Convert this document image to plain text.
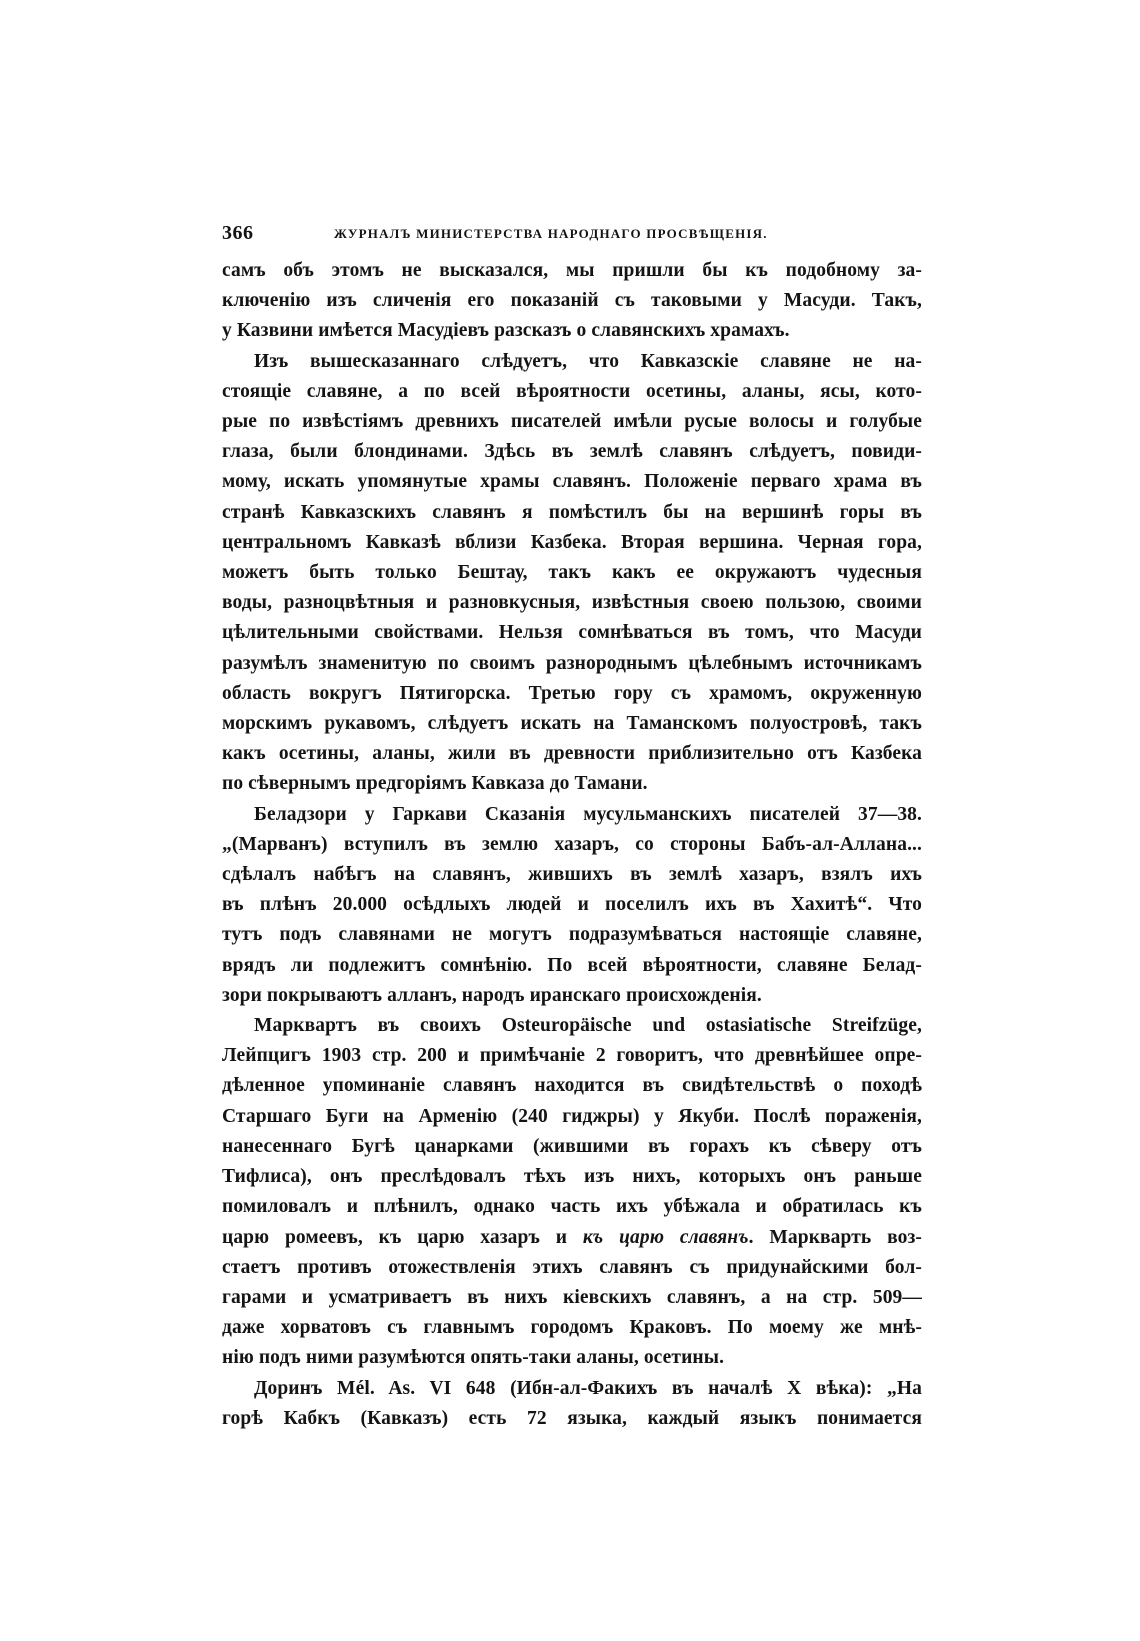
366	ЖУРНАЛЪ МИНИСТЕРСТВА НАРОДНАГО ПРОСВѢЩЕНІЯ.
самъ объ этомъ не высказался, мы пришли бы къ подобному за-
ключенію изъ сличенія его показаній съ таковыми у Масуди. Такъ,
у Казвини имѣется Масудіевъ разсказъ о славянскихъ храмахъ.
Изъ вышесказаннаго слѣдуетъ, что Кавказскіе славяне не на-
стоящіе славяне, а по всей вѣроятности осетины, аланы, ясы, кото-
рые по извѣстіямъ древнихъ писателей имѣли русые волосы и голубые
глаза, были блондинами. Здѣсь въ землѣ славянъ слѣдуетъ, повиди-
мому, искать упомянутые храмы славянъ. Положеніе перваго храма въ
странѣ Кавказскихъ славянъ я помѣстилъ бы на вершинѣ горы въ
центральномъ Кавказѣ вблизи Казбека. Вторая вершина. Черная гора,
можетъ быть только Бештау, такъ какъ ее окружаютъ чудесныя
воды, разноцвѣтныя и разновкусныя, извѣстныя своею пользою, своими
цѣлительными свойствами. Нельзя сомнѣваться въ томъ, что Масуди
разумѣлъ знаменитую по своимъ разнороднымъ цѣлебнымъ источникамъ
область вокругъ Пятигорска. Третью гору съ храмомъ, окруженную
морскимъ рукавомъ, слѣдуетъ искать на Таманскомъ полуостровѣ, такъ
какъ осетины, аланы, жили въ древности приблизительно отъ Казбека
по сѣвернымъ предгоріямъ Кавказа до Тамани.
Беладзори у Гаркави Сказанія мусульманскихъ писателей 37—38.
„(Марванъ) вступилъ въ землю хазаръ, со стороны Бабъ-ал-Аллана...
сдѣлалъ набѣгъ на славянъ, жившихъ въ землѣ хазаръ, взялъ ихъ
въ плѣнъ 20.000 осѣдлыхъ людей и поселилъ ихъ въ Хахитѣ“. Что
тутъ подъ славянами не могутъ подразумѣваться настоящіе славяне,
врядъ ли подлежитъ сомнѣнію. По всей вѣроятности, славяне Белад-
зори покрываютъ алланъ, народъ иранскаго происхожденія.
Марквартъ въ своихъ Osteuropäische und ostasiatische Streifzüge,
Лейпцигъ 1903 стр. 200 и примѣчаніе 2 говоритъ, что древнѣйшее опре-
дѣленное упоминаніе славянъ находится въ свидѣтельствѣ о походѣ
Старшаго Буги на Арменію (240 гиджры) у Якуби. Послѣ пораженія,
нанесеннаго Бугѣ цанарками (жившими въ горахъ къ сѣверу отъ
Тифлиса), онъ преслѣдовалъ тѣхъ изъ нихъ, которыхъ онъ раньше
помиловалъ и плѣнилъ, однако часть ихъ убѣжала и обратилась къ
царю ромеевъ, къ царю хазаръ и къ царю славянъ. Маркварть воз-
стаетъ противъ отожествленія этихъ славянъ съ придунайскими бол-
гарами и усматриваетъ въ нихъ кіевскихъ славянъ, а на стр. 509—
даже хорватовъ съ главнымъ городомъ Краковъ. По моему же мнѣ-
нію подъ ними разумѣются опять-таки аланы, осетины.
Доринъ Mél. As. VI 648 (Ибн-ал-Факихъ въ началѣ X вѣка): „На
горѣ Кабкъ (Кавказъ) есть 72 языка, каждый языкъ понимается
